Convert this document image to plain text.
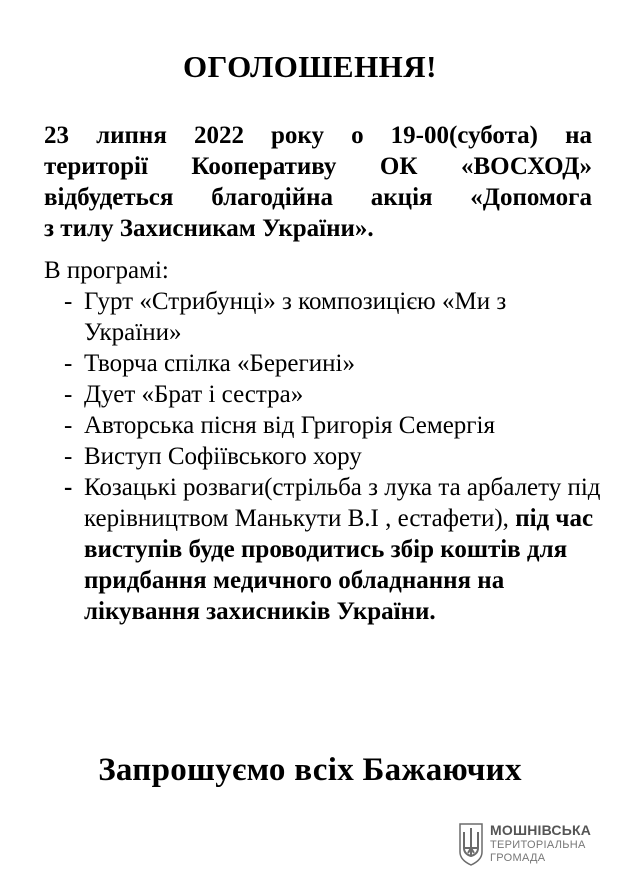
ОГОЛОШЕННЯ!
23 липня 2022 року о 19-00(субота) на
території Кооперативу ОК «ВОСХОД»
відбудеться благодійна акція «Допомога
з тилу Захисникам України».
В програмі:
- Гурт «Стрибунці» з композицією «Ми з
України»
- Творча спілка «Берегині»
- Дует «Брат і сестра»
- Авторська пісня від Григорія Семергія
- Виступ Софіївського хору
- Козацькі розваги(стрільба з лука та арбалету під керівництвом Манькути В.І , естафети), під час виступів буде проводитись збір коштів для придбання медичного обладнання на лікування захисників України.
Запрошуємо всіх Бажаючих
МОШНІВСЬКА
ТЕРИТОРІАЛЬНА
ГРОМАДА
